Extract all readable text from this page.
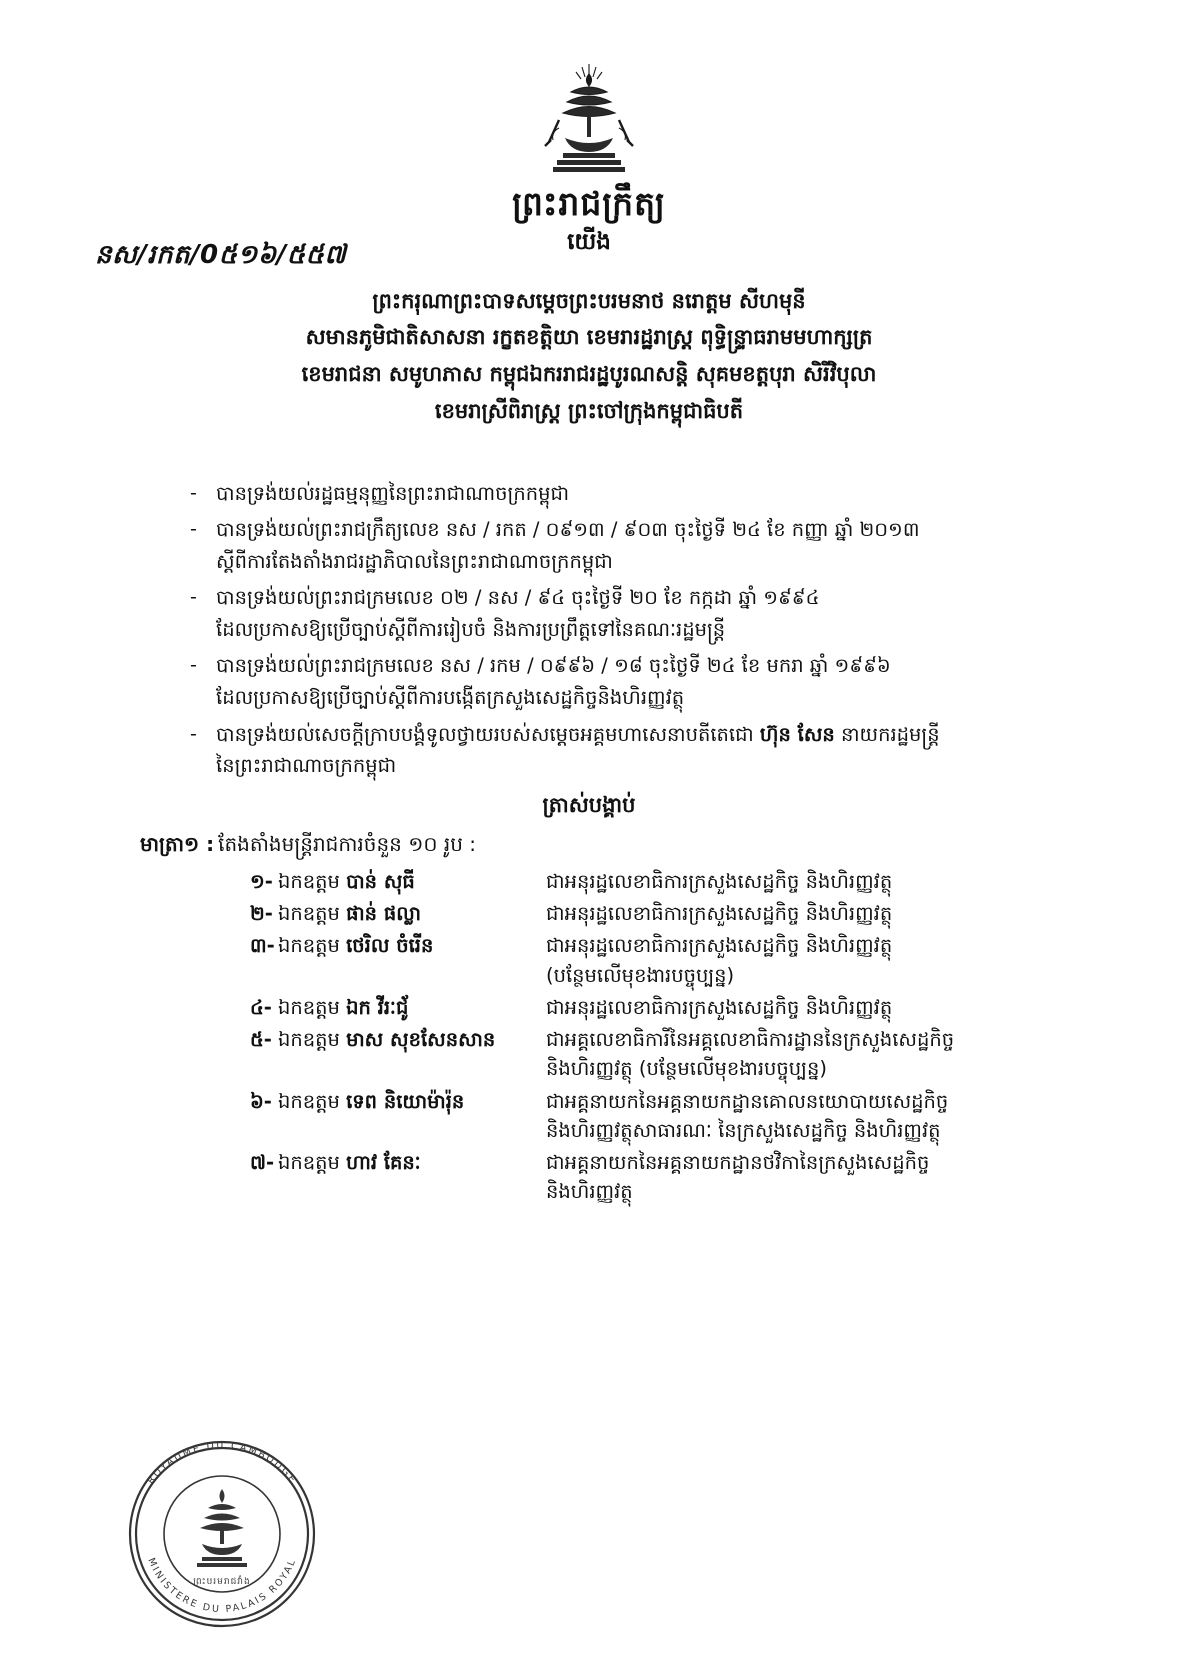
នស/រកត/0៥១៦/៥៥៧
ព្រះរាជក្រឹត្យ
យើង
ព្រះករុណាព្រះបាទសម្តេចព្រះបរមនាថ នរោត្តម សីហមុនី
សមានភូមិជាតិសាសនា រក្ខតខត្តិយា ខេមរារដ្ឋរាស្ត្រ ពុទ្ធិន្ទ្រាធរាមមហាក្សត្រ
ខេមរាជនា សមូហភាស កម្ពុជឯកររាជរដ្ឋបូរណសន្តិ សុគមខត្តបុរា សិរីវិបុលា
ខេមរាស្រីពិរាស្រ្ត ព្រះចៅក្រុងកម្ពុជាធិបតី
- បានទ្រង់យល់រដ្ឋធម្មនុញ្ញនៃព្រះរាជាណាចក្រកម្ពុជា
- បានទ្រង់យល់ព្រះរាជក្រឹត្យលេខ នស / រកត / ០៩១៣ / ៩០៣ ចុះថ្ងៃទី ២៤ ខែ កញ្ញា ឆ្នាំ ២០១៣
ស្តីពីការតែងតាំងរាជរដ្ឋាភិបាលនៃព្រះរាជាណាចក្រកម្ពុជា
- បានទ្រង់យល់ព្រះរាជក្រមលេខ ០២ / នស / ៩៤ ចុះថ្ងៃទី ២០ ខែ កក្កដា ឆ្នាំ ១៩៩៤
ដែលប្រកាសឱ្យប្រើច្បាប់ស្តីពីការរៀបចំ និងការប្រព្រឹត្តទៅនៃគណៈរដ្ឋមន្ត្រី
- បានទ្រង់យល់ព្រះរាជក្រមលេខ នស / រកម / ០៩៩៦ / ១៨ ចុះថ្ងៃទី ២៤ ខែ មករា ឆ្នាំ ១៩៩៦
ដែលប្រកាសឱ្យប្រើច្បាប់ស្តីពីការបង្កើតក្រសួងសេដ្ឋកិច្ចនិងហិរញ្ញវត្ថុ
- បានទ្រង់យល់សេចក្តីក្រាបបង្គំទូលថ្វាយរបស់សម្តេចអគ្គមហាសេនាបតីតេជោ ហ៊ុន សែន នាយករដ្ឋមន្ត្រី
នៃព្រះរាជាណាចក្រកម្ពុជា
ត្រាស់បង្គាប់
មាត្រា១ : តែងតាំងមន្ត្រីរាជការចំនួន ១០ រូប :
១- ឯកឧត្តម បាន់ សុធី	ជាអនុរដ្ឋលេខាធិការក្រសួងសេដ្ឋកិច្ច និងហិរញ្ញវត្ថុ
២- ឯកឧត្តម ផាន់ ផល្លា	ជាអនុរដ្ឋលេខាធិការក្រសួងសេដ្ឋកិច្ច និងហិរញ្ញវត្ថុ
៣- ឯកឧត្តម ថេរិល ចំរើន	ជាអនុរដ្ឋលេខាធិការក្រសួងសេដ្ឋកិច្ច និងហិរញ្ញវត្ថុ
(បន្ថែមលើមុខងារបច្ចុប្បន្ន)
៤- ឯកឧត្តម ឯក វីរៈជ័ូ	ជាអនុរដ្ឋលេខាធិការក្រសួងសេដ្ឋកិច្ច និងហិរញ្ញវត្ថុ
៥- ឯកឧត្តម មាស សុខសែនសាន	ជាអគ្គលេខាធិការីនៃអគ្គលេខាធិការដ្ឋាននៃក្រសួងសេដ្ឋកិច្ច
និងហិរញ្ញវត្ថុ (បន្ថែមលើមុខងារបច្ចុប្បន្ន)
៦- ឯកឧត្តម ទេព និយោម៉ារ៉ុន	ជាអគ្គនាយកនៃអគ្គនាយកដ្ឋានគោលនយោបាយសេដ្ឋកិច្ច
និងហិរញ្ញវត្ថុសាធារណៈ នៃក្រសួងសេដ្ឋកិច្ច និងហិរញ្ញវត្ថុ
៧- ឯកឧត្តម ហាវ គែនៈ	ជាអគ្គនាយកនៃអគ្គនាយកដ្ឋានថវិកានៃក្រសួងសេដ្ឋកិច្ច
និងហិរញ្ញវត្ថុ
ROYAUME DU CAMBODGE
MINISTERE DU PALAIS ROYAL
ព្រះបរមរាជវាំង
